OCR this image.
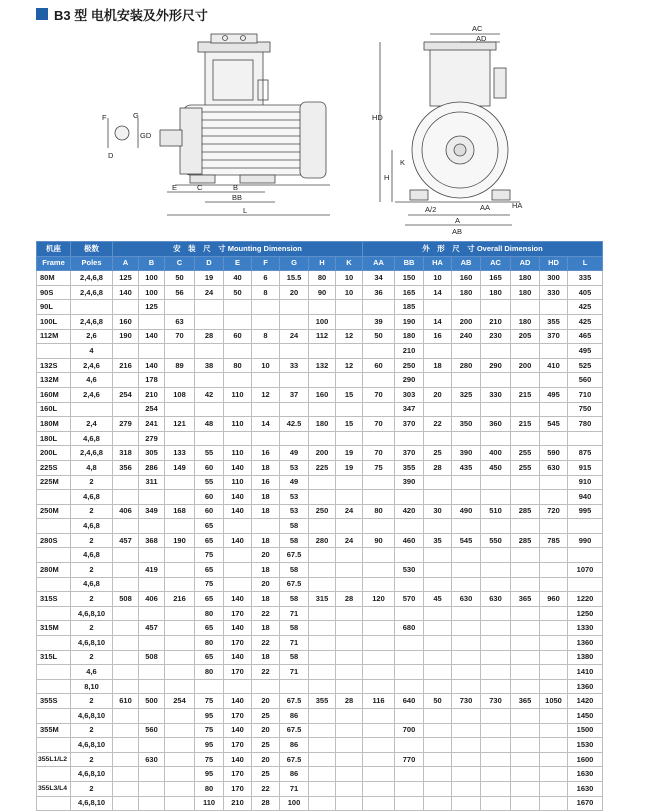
B3 型 电机安装及外形尺寸
F	G
GD
D
E	C	B
BB
L
AC
AD
HD
H
K
A/2	AA	HA
A
AB
机座	极数	安　装　尺　寸 Mounting Dimension									外　形　尺　寸 Overall Dimension							
Frame	Poles	A	B	C	D	E	F	G	H	K	AA	BB	HA	AB	AC	AD	HD	L
80M	2,4,6,8	125	100	50	19	40	6	15.5	80	10	34	150	10	160	165	180	300	335
90S	2,4,6,8	140	100	56	24	50	8	20	90	10	36	165	14	180	180	180	330	405
90L			125									185						425
100L	2,4,6,8	160		63					100		39	190	14	200	210	180	355	425
112M	2,6	190	140	70	28	60	8	24	112	12	50	180	16	240	230	205	370	465
	4											210						495
132S	2,4,6	216	140	89	38	80	10	33	132	12	60	250	18	280	290	200	410	525
132M	4,6		178									290						560
160M	2,4,6	254	210	108	42	110	12	37	160	15	70	303	20	325	330	215	495	710
160L			254									347						750
180M	2,4	279	241	121	48	110	14	42.5	180	15	70	370	22	350	360	215	545	780
180L	4,6,8		279															
200L	2,4,6,8	318	305	133	55	110	16	49	200	19	70	370	25	390	400	255	590	875
225S	4,8	356	286	149	60	140	18	53	225	19	75	355	28	435	450	255	630	915
225M	2		311		55	110	16	49				390						910
	4,6,8				60	140	18	53										940
250M	2	406	349	168	60	140	18	53	250	24	80	420	30	490	510	285	720	995
	4,6,8				65			58										
280S	2	457	368	190	65	140	18	58	280	24	90	460	35	545	550	285	785	990
	4,6,8				75		20	67.5										
280M	2		419		65		18	58				530						1070
	4,6,8				75		20	67.5										
315S	2	508	406	216	65	140	18	58	315	28	120	570	45	630	630	365	960	1220
	4,6,8,10				80	170	22	71										1250
315M	2		457		65	140	18	58				680						1330
	4,6,8,10				80	170	22	71										1360
315L	2		508		65	140	18	58										1380
	4,6				80	170	22	71										1410
	8,10																	1360
355S	2	610	500	254	75	140	20	67.5	355	28	116	640	50	730	730	365	1050	1420
	4,6,8,10				95	170	25	86										1450
355M	2		560		75	140	20	67.5				700						1500
	4,6,8,10				95	170	25	86										1530
355L1/L2	2		630		75	140	20	67.5				770						1600
	4,6,8,10				95	170	25	86										1630
355L3/L4	2				80	170	22	71										1630
	4,6,8,10				110	210	28	100										1670
